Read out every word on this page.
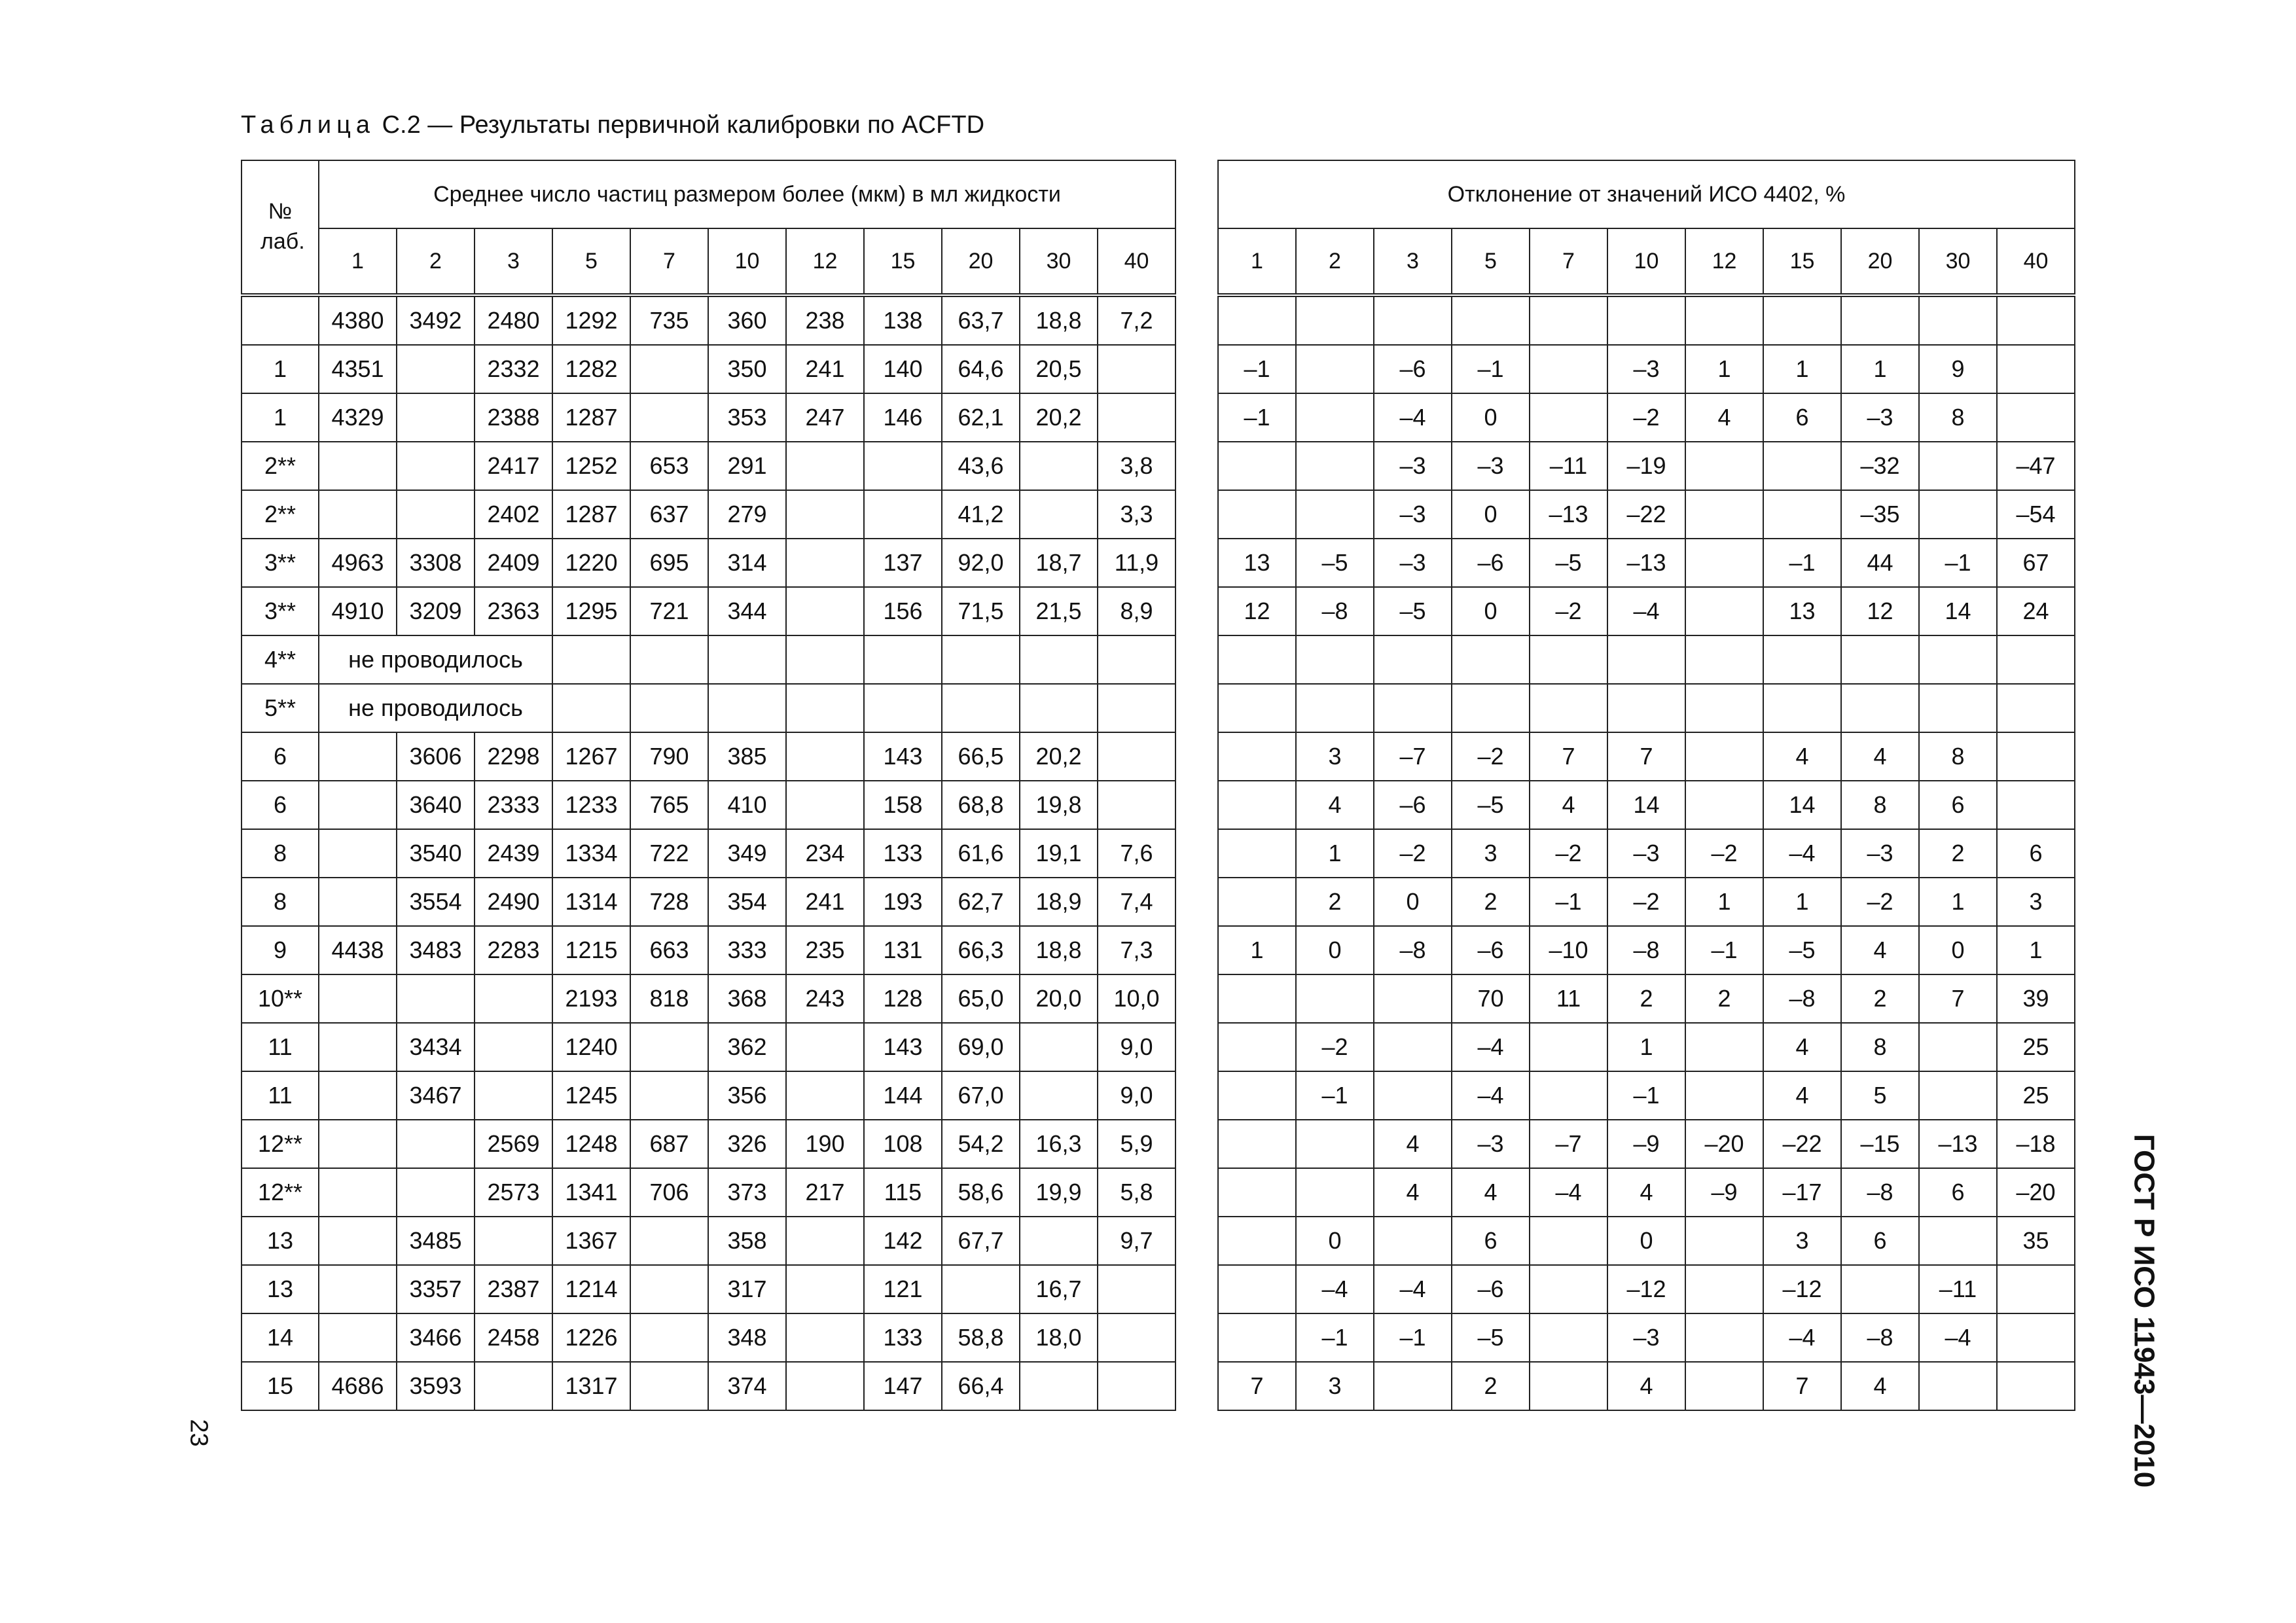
Таблица С.2 — Результаты первичной калибровки по ACFTD
№ лаб.	Среднее число частиц размером более (мкм) в мл жидкости										
	1	2	3	5	7	10	12	15	20	30	40
	4380	3492	2480	1292	735	360	238	138	63,7	18,8	7,2
1	4351		2332	1282		350	241	140	64,6	20,5	
1	4329		2388	1287		353	247	146	62,1	20,2	
2**			2417	1252	653	291			43,6		3,8
2**			2402	1287	637	279			41,2		3,3
3**	4963	3308	2409	1220	695	314		137	92,0	18,7	11,9
3**	4910	3209	2363	1295	721	344		156	71,5	21,5	8,9
4**	не проводилось										
5**	не проводилось										
6		3606	2298	1267	790	385		143	66,5	20,2	
6		3640	2333	1233	765	410		158	68,8	19,8	
8		3540	2439	1334	722	349	234	133	61,6	19,1	7,6
8		3554	2490	1314	728	354	241	193	62,7	18,9	7,4
9	4438	3483	2283	1215	663	333	235	131	66,3	18,8	7,3
10**				2193	818	368	243	128	65,0	20,0	10,0
11		3434		1240		362		143	69,0		9,0
11		3467		1245		356		144	67,0		9,0
12**			2569	1248	687	326	190	108	54,2	16,3	5,9
12**			2573	1341	706	373	217	115	58,6	19,9	5,8
13		3485		1367		358		142	67,7		9,7
13		3357	2387	1214		317		121		16,7	
14		3466	2458	1226		348		133	58,8	18,0	
15	4686	3593		1317		374		147	66,4		
Отклонение от значений ИСО 4402, %										
1	2	3	5	7	10	12	15	20	30	40

–1		–6	–1		–3	1	1	1	9	
–1		–4	0		–2	4	6	–3	8	
		–3	–3	–11	–19			–32		–47
		–3	0	–13	–22			–35		–54
13	–5	–3	–6	–5	–13		–1	44	–1	67
12	–8	–5	0	–2	–4		13	12	14	24

	3	–7	–2	7	7		4	4	8	
	4	–6	–5	4	14		14	8	6	
	1	–2	3	–2	–3	–2	–4	–3	2	6
	2	0	2	–1	–2	1	1	–2	1	3
1	0	–8	–6	–10	–8	–1	–5	4	0	1
			70	11	2	2	–8	2	7	39
	–2		–4		1		4	8		25
	–1		–4		–1		4	5		25
		4	–3	–7	–9	–20	–22	–15	–13	–18
		4	4	–4	4	–9	–17	–8	6	–20
	0		6		0		3	6		35
	–4	–4	–6		–12		–12		–11	
	–1	–1	–5		–3		–4	–8	–4	
7	3		2		4		7	4		
23	ГОСТ Р ИСО 11943—2010
